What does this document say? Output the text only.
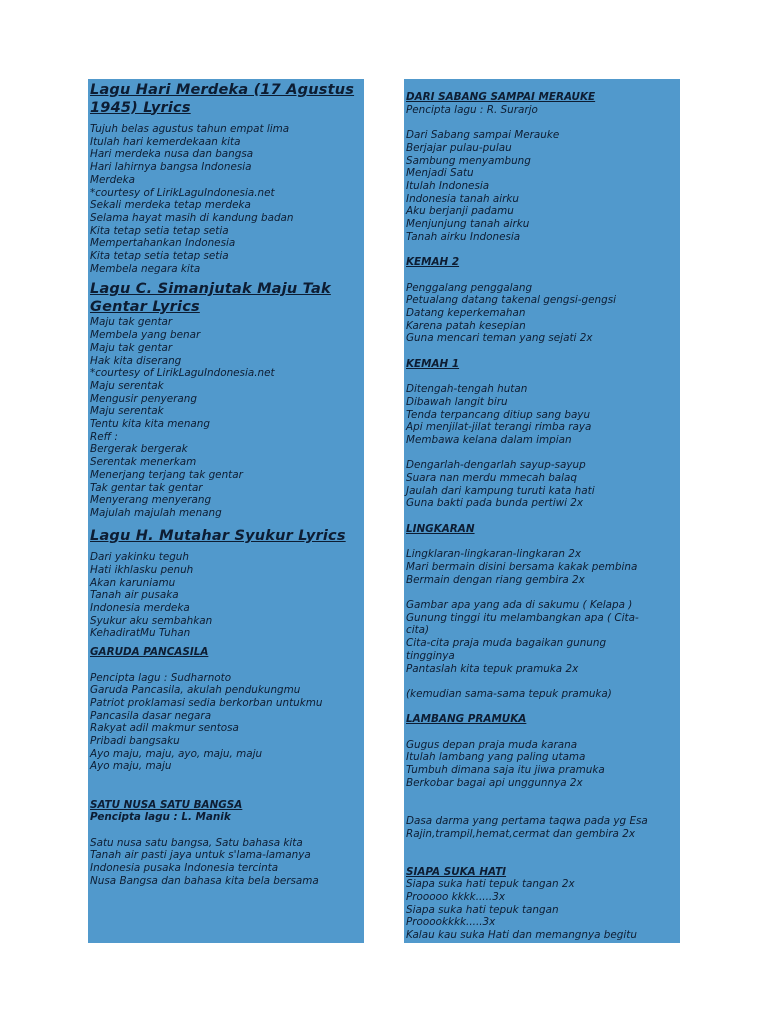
Lagu Hari Merdeka (17 Agustus
1945) Lyrics

Tujuh belas agustus tahun empat lima

Itulah hari kemerdekaan kita

Hari merdeka nusa dan bangsa

Hari lahirnya bangsa Indonesia

Merdeka

*courtesy of LirikLaguIndonesia.net

Sekali merdeka tetap merdeka

Selama hayat masih di kandung badan

Kita tetap setia tetap setia

Mempertahankan Indonesia

Kita tetap setia tetap setia

Membela negara kita

Lagu C. Simanjutak Maju Tak
Gentar Lyrics

Maju tak gentar

Membela yang benar

Maju tak gentar

Hak kita diserang

*courtesy of LirikLaguIndonesia.net

Maju serentak

Mengusir penyerang

Maju serentak

Tentu kita kita menang

Reff :

Bergerak bergerak

Serentak menerkam

Menerjang terjang tak gentar

Tak gentar tak gentar

Menyerang menyerang

Majulah majulah menang

Lagu H. Mutahar Syukur Lyrics

Dari yakinku teguh

Hati ikhlasku penuh

Akan karuniamu

Tanah air pusaka

Indonesia merdeka

Syukur aku sembahkan

KehadiratMu Tuhan

GARUDA PANCASILA

Pencipta lagu : Sudharnoto

Garuda Pancasila, akulah pendukungmu

Patriot proklamasi sedia berkorban untukmu

Pancasila dasar negara

Rakyat adil makmur sentosa

Pribadi bangsaku

Ayo maju, maju, ayo, maju, maju

Ayo maju, maju

SATU NUSA SATU BANGSA

Pencipta lagu : L. Manik

Satu nusa satu bangsa, Satu bahasa kita

Tanah air pasti jaya untuk s'lama-lamanya

Indonesia pusaka Indonesia tercinta

Nusa Bangsa dan bahasa kita bela bersama

DARI SABANG SAMPAI MERAUKE

Pencipta lagu : R. Surarjo

Dari Sabang sampai Merauke

Berjajar pulau-pulau

Sambung menyambung

Menjadi Satu

Itulah Indonesia

Indonesia tanah airku

Aku berjanji padamu

Menjunjung tanah airku

Tanah airku Indonesia

KEMAH 2

Penggalang penggalang

Petualang datang takenal gengsi-gengsi

Datang keperkemahan

Karena patah kesepian

Guna mencari teman yang sejati 2x

KEMAH 1

Ditengah-tengah hutan

Dibawah langit biru

Tenda terpancang ditiup sang bayu

Api menjilat-jilat terangi rimba raya

Membawa kelana dalam impian

Dengarlah-dengarlah sayup-sayup

Suara nan merdu mmecah balaq

Jaulah dari kampung turuti kata hati

Guna bakti pada bunda pertiwi 2x

LINGKARAN

Lingklaran-lingkaran-lingkaran 2x

Mari bermain disini bersama kakak pembina

Bermain dengan riang gembira 2x

Gambar apa yang ada di sakumu ( Kelapa )

Gunung tinggi itu melambangkan apa ( Cita-

cita)

Cita-cita praja muda bagaikan gunung

tingginya

Pantaslah kita tepuk pramuka 2x

(kemudian sama-sama tepuk pramuka)

LAMBANG PRAMUKA

Gugus depan praja muda karana

Itulah lambang yang paling utama

Tumbuh dimana saja itu jiwa pramuka

Berkobar bagai api unggunnya 2x

Dasa darma yang pertama taqwa pada yg Esa

Rajin,trampil,hemat,cermat dan gembira 2x

SIAPA SUKA HATI

Siapa suka hati tepuk tangan 2x

Prooooo kkkk.....3x

Siapa suka hati tepuk tangan

Prooookkkk.....3x

Kalau kau suka Hati dan memangnya begitu
